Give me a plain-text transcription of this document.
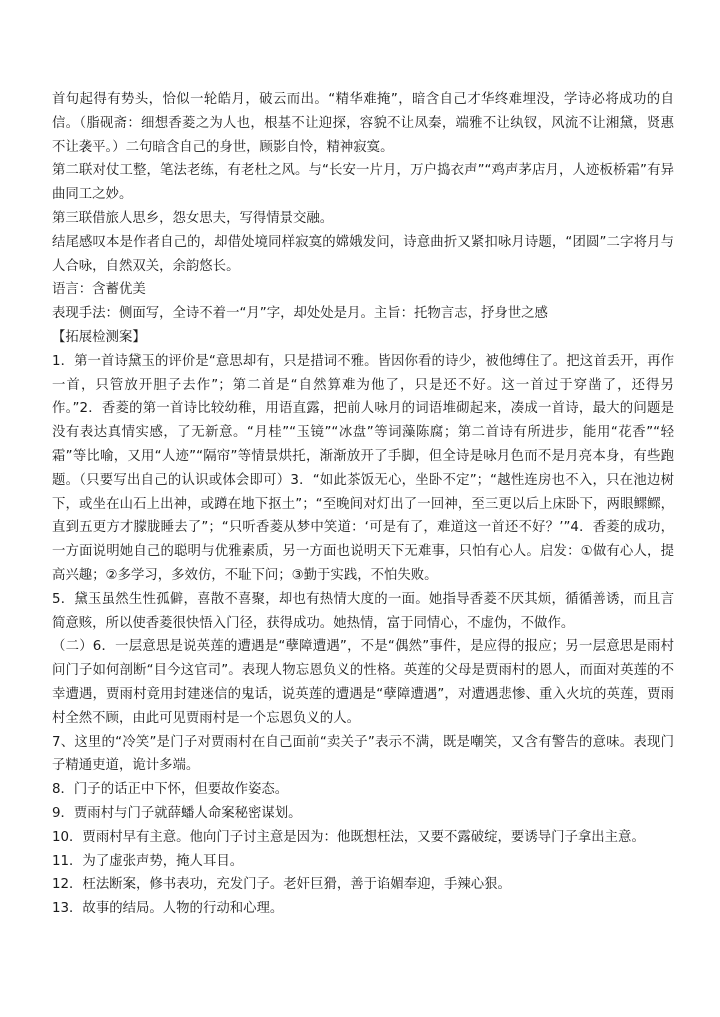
首句起得有势头，恰似一轮皓月，破云而出。“精华难掩”，暗含自己才华终难埋没，学诗必将成功的自信。（脂砚斋：细想香菱之为人也，根基不让迎探，容貌不让凤秦，端雅不让纨钗，风流不让湘黛，贤惠不让袭平。）二句暗含自己的身世，顾影自怜，精神寂寞。

第二联对仗工整，笔法老练，有老杜之风。与“长安一片月，万户捣衣声”“鸡声茅店月，人迹板桥霜”有异曲同工之妙。

第三联借旅人思乡，怨女思夫，写得情景交融。

结尾感叹本是作者自己的，却借处境同样寂寞的嫦娥发问，诗意曲折又紧扣咏月诗题，“团圆”二字将月与人合咏，自然双关，余韵悠长。

语言：含蓄优美

表现手法：侧面写，全诗不着一“月”字，却处处是月。主旨：托物言志，抒身世之感

【拓展检测案】

1．第一首诗黛玉的评价是“意思却有，只是措词不雅。皆因你看的诗少，被他缚住了。把这首丢开，再作一首，只管放开胆子去作”；第二首是“自然算难为他了，只是还不好。这一首过于穿凿了，还得另作。”2．香菱的第一首诗比较幼稚，用语直露，把前人咏月的词语堆砌起来，凑成一首诗，最大的问题是没有表达真情实感，了无新意。“月桂”“玉镜”“冰盘”等词藻陈腐；第二首诗有所进步，能用“花香”“轻霜”等比喻，又用“人迹”“隔帘”等情景烘托，渐渐放开了手脚，但全诗是咏月色而不是月亮本身，有些跑题。（只要写出自己的认识或体会即可）3．“如此茶饭无心，坐卧不定”；“越性连房也不入，只在池边树下，或坐在山石上出神，或蹲在地下抠土”；“至晚间对灯出了一回神，至三更以后上床卧下，两眼鳏鳏，直到五更方才朦胧睡去了”；“只听香菱从梦中笑道：‘可是有了，难道这一首还不好？’”4．香菱的成功，一方面说明她自己的聪明与优雅素质，另一方面也说明天下无难事，只怕有心人。启发：①做有心人，提高兴趣；②多学习，多效仿，不耻下问；③勤于实践，不怕失败。

5．黛玉虽然生性孤僻，喜散不喜聚，却也有热情大度的一面。她指导香菱不厌其烦，循循善诱，而且言简意赅，所以使香菱很快悟入门径，获得成功。她热情，富于同情心，不虚伪，不做作。

（二）6．一层意思是说英莲的遭遇是“孽障遭遇”，不是“偶然”事件，是应得的报应；另一层意思是雨村问门子如何剖断“目今这官司”。表现人物忘恩负义的性格。英莲的父母是贾雨村的恩人，而面对英莲的不幸遭遇，贾雨村竟用封建迷信的鬼话，说英莲的遭遇是“孽障遭遇”，对遭遇悲惨、重入火坑的英莲，贾雨村全然不顾，由此可见贾雨村是一个忘恩负义的人。

7、这里的“冷笑”是门子对贾雨村在自己面前“卖关子”表示不满，既是嘲笑，又含有警告的意味。表现门子精通吏道，诡计多端。

8．门子的话正中下怀，但要故作姿态。

9．贾雨村与门子就薛蟠人命案秘密谋划。

10．贾雨村早有主意。他向门子讨主意是因为：他既想枉法，又要不露破绽，要诱导门子拿出主意。

11．为了虚张声势，掩人耳目。

12．枉法断案，修书表功，充发门子。老奸巨猾，善于谄媚奉迎，手辣心狠。

13．故事的结局。人物的行动和心理。
